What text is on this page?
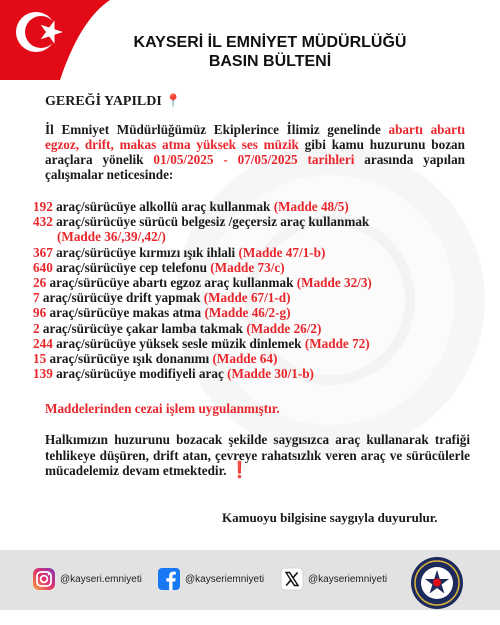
KAYSERİ İL EMNİYET MÜDÜRLÜĞÜ
BASIN BÜLTENİ
GEREĞİ YAPILDI 📍
İl Emniyet Müdürlüğümüz Ekiplerince İlimiz genelinde abartı abartı egzoz, drift, makas atma yüksek ses müzik gibi kamu huzurunu bozan araçlara yönelik 01/05/2025 - 07/05/2025 tarihleri arasında yapılan çalışmalar neticesinde:
192 araç/sürücüye alkollü araç kullanmak (Madde 48/5)
432 araç/sürücüye sürücü belgesiz /geçersiz araç kullanmak
(Madde 36/,39/,42/)
367 araç/sürücüye kırmızı ışık ihlali (Madde 47/1-b)
640 araç/sürücüye cep telefonu (Madde 73/c)
26 araç/sürücüye abartı egzoz araç kullanmak (Madde 32/3)
7 araç/sürücüye drift yapmak (Madde 67/1-d)
96 araç/sürücüye makas atma (Madde 46/2-g)
2 araç/sürücüye çakar lamba takmak (Madde 26/2)
244 araç/sürücüye yüksek sesle müzik dinlemek (Madde 72)
15 araç/sürücüye ışık donanımı (Madde 64)
139 araç/sürücüye modifiyeli araç (Madde 30/1-b)
Maddelerinden cezai işlem uygulanmıştır.
Halkımızın huzurunu bozacak şekilde saygısızca araç kullanarak trafiği tehlikeye düşüren, drift atan, çevreye rahatsızlık veren araç ve sürücülerle mücadelemiz devam etmektedir. ❗
Kamuoyu bilgisine saygıyla duyurulur.
@kayseri.emniyeti	@kayseriemniyeti	@kayseriemniyeti
